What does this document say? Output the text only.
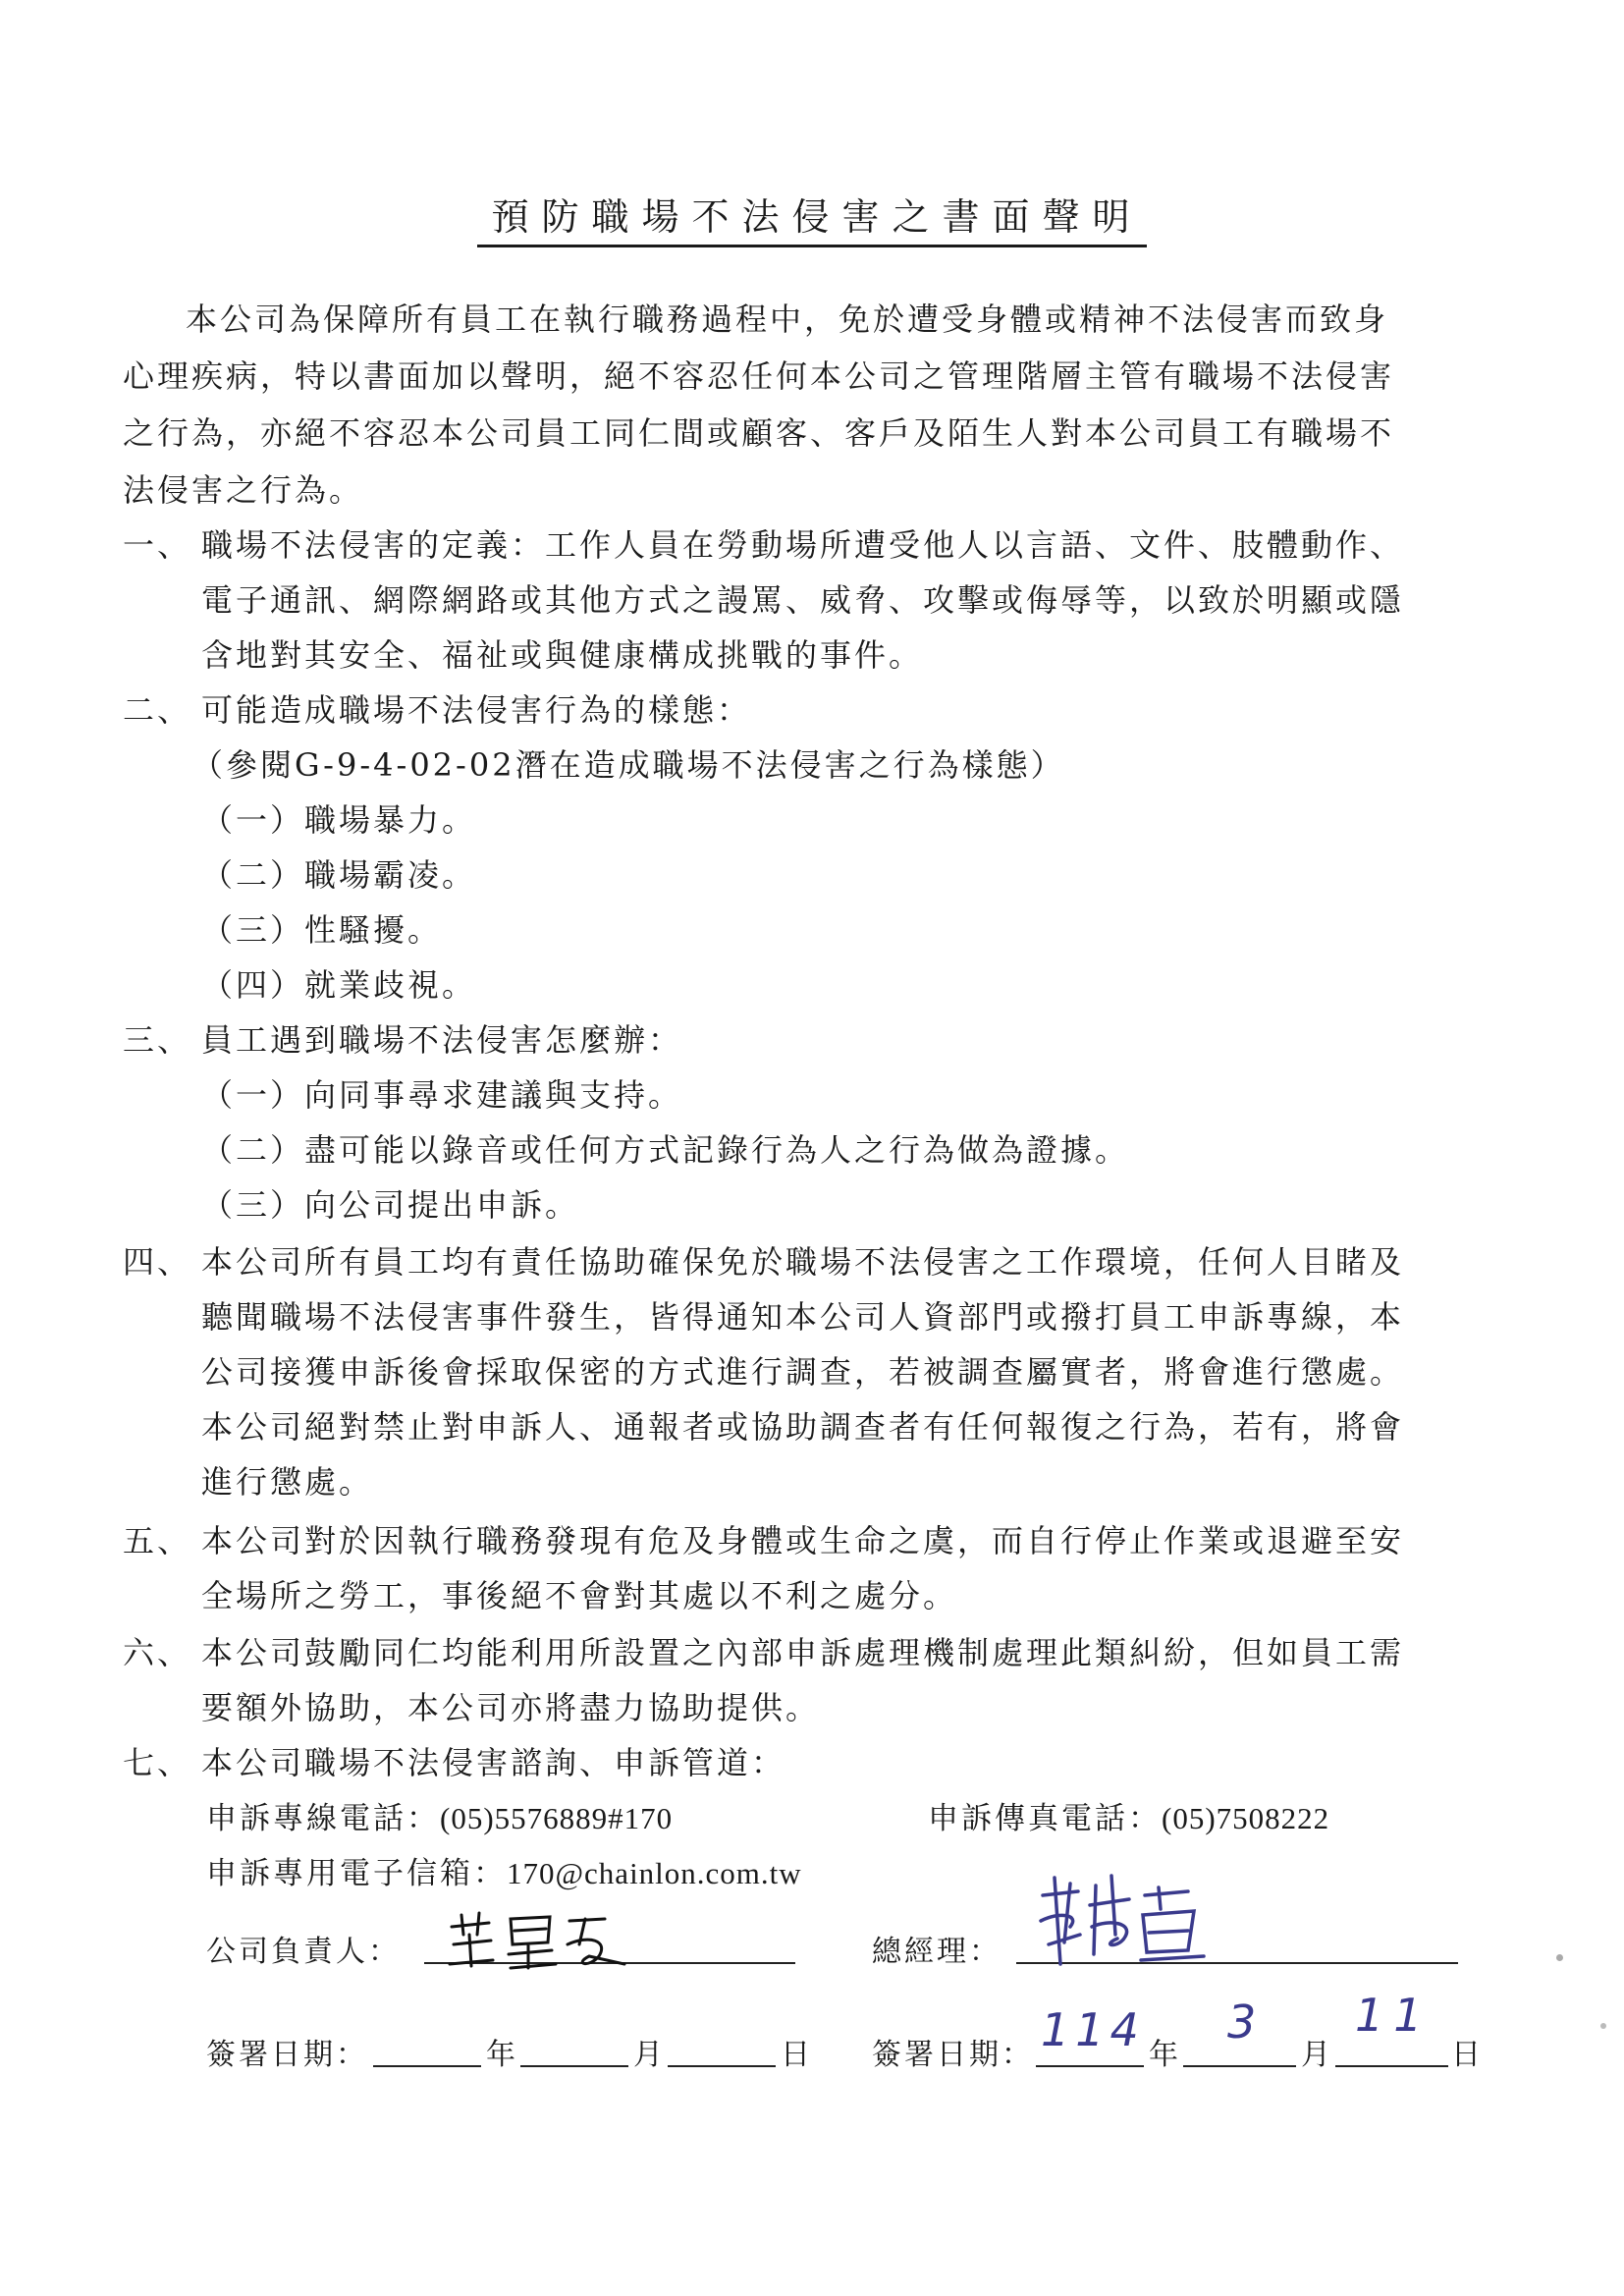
預防職場不法侵害之書面聲明
本公司為保障所有員工在執行職務過程中，免於遭受身體或精神不法侵害而致身
心理疾病，特以書面加以聲明，絕不容忍任何本公司之管理階層主管有職場不法侵害
之行為，亦絕不容忍本公司員工同仁間或顧客、客戶及陌生人對本公司員工有職場不
法侵害之行為。
一、 職場不法侵害的定義：工作人員在勞動場所遭受他人以言語、文件、肢體動作、
電子通訊、網際網路或其他方式之謾罵、威脅、攻擊或侮辱等，以致於明顯或隱
含地對其安全、福祉或與健康構成挑戰的事件。
二、 可能造成職場不法侵害行為的樣態：
（參閱G-9-4-02-02潛在造成職場不法侵害之行為樣態）
（一）職場暴力。
（二）職場霸凌。
（三）性騷擾。
（四）就業歧視。
三、 員工遇到職場不法侵害怎麼辦：
（一）向同事尋求建議與支持。
（二）盡可能以錄音或任何方式記錄行為人之行為做為證據。
（三）向公司提出申訴。
四、 本公司所有員工均有責任協助確保免於職場不法侵害之工作環境，任何人目睹及
聽聞職場不法侵害事件發生，皆得通知本公司人資部門或撥打員工申訴專線，本
公司接獲申訴後會採取保密的方式進行調查，若被調查屬實者，將會進行懲處。
本公司絕對禁止對申訴人、通報者或協助調查者有任何報復之行為，若有，將會
進行懲處。
五、 本公司對於因執行職務發現有危及身體或生命之虞，而自行停止作業或退避至安
全場所之勞工，事後絕不會對其處以不利之處分。
六、 本公司鼓勵同仁均能利用所設置之內部申訴處理機制處理此類糾紛，但如員工需
要額外協助，本公司亦將盡力協助提供。
七、 本公司職場不法侵害諮詢、申訴管道：
申訴專線電話：(05)5576889#170	申訴傳真電話：(05)7508222
申訴專用電子信箱：170@chainlon.com.tw
公司負責人：	總經理：
簽署日期：	年	月	日 簽署日期： 114 年
3
月
11
日
